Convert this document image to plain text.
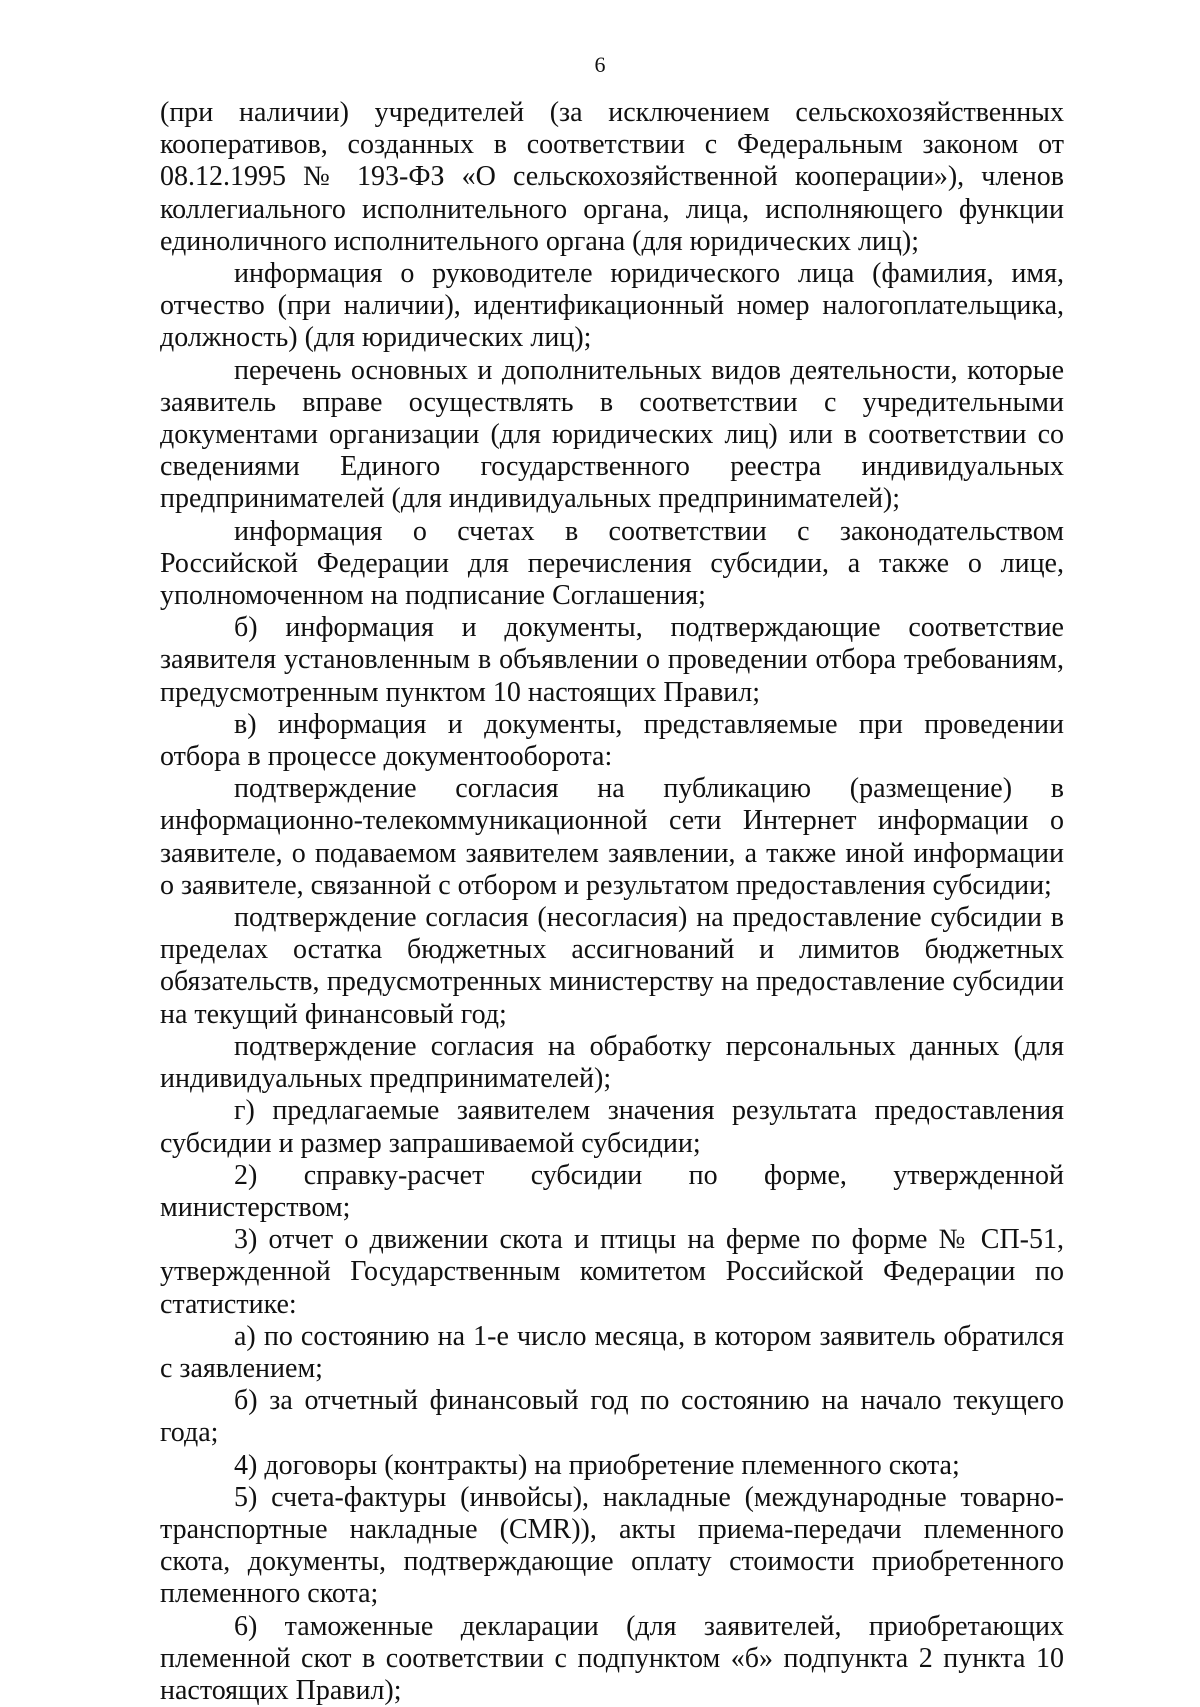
6

(при наличии) учредителей (за исключением сельскохозяйственных кооперативов, созданных в соответствии с Федеральным законом от 08.12.1995 № 193-ФЗ «О сельскохозяйственной кооперации»), членов коллегиального исполнительного органа, лица, исполняющего функции единоличного исполнительного органа (для юридических лиц);

информация о руководителе юридического лица (фамилия, имя, отчество (при наличии), идентификационный номер налогоплательщика, должность) (для юридических лиц);

перечень основных и дополнительных видов деятельности, которые заявитель вправе осуществлять в соответствии с учредительными документами организации (для юридических лиц) или в соответствии со сведениями Единого государственного реестра индивидуальных предпринимателей (для индивидуальных предпринимателей);

информация о счетах в соответствии с законодательством Российской Федерации для перечисления субсидии, а также о лице, уполномоченном на подписание Соглашения;

б) информация и документы, подтверждающие соответствие заявителя установленным в объявлении о проведении отбора требованиям, предусмотренным пунктом 10 настоящих Правил;

в) информация и документы, представляемые при проведении отбора в процессе документооборота:

подтверждение согласия на публикацию (размещение) в информационно-телекоммуникационной сети Интернет информации о заявителе, о подаваемом заявителем заявлении, а также иной информации о заявителе, связанной с отбором и результатом предоставления субсидии;

подтверждение согласия (несогласия) на предоставление субсидии в пределах остатка бюджетных ассигнований и лимитов бюджетных обязательств, предусмотренных министерству на предоставление субсидии на текущий финансовый год;

подтверждение согласия на обработку персональных данных (для индивидуальных предпринимателей);

г) предлагаемые заявителем значения результата предоставления субсидии и размер запрашиваемой субсидии;

2) справку-расчет субсидии по форме, утвержденной министерством;

3) отчет о движении скота и птицы на ферме по форме № СП-51, утвержденной Государственным комитетом Российской Федерации по статистике:

а) по состоянию на 1-е число месяца, в котором заявитель обратился с заявлением;

б) за отчетный финансовый год по состоянию на начало текущего года;

4) договоры (контракты) на приобретение племенного скота;

5) счета-фактуры (инвойсы), накладные (международные товарно-транспортные накладные (CMR)), акты приема-передачи племенного скота, документы, подтверждающие оплату стоимости приобретенного племенного скота;

6) таможенные декларации (для заявителей, приобретающих племенной скот в соответствии с подпунктом «б» подпункта 2 пункта 10 настоящих Правил);
